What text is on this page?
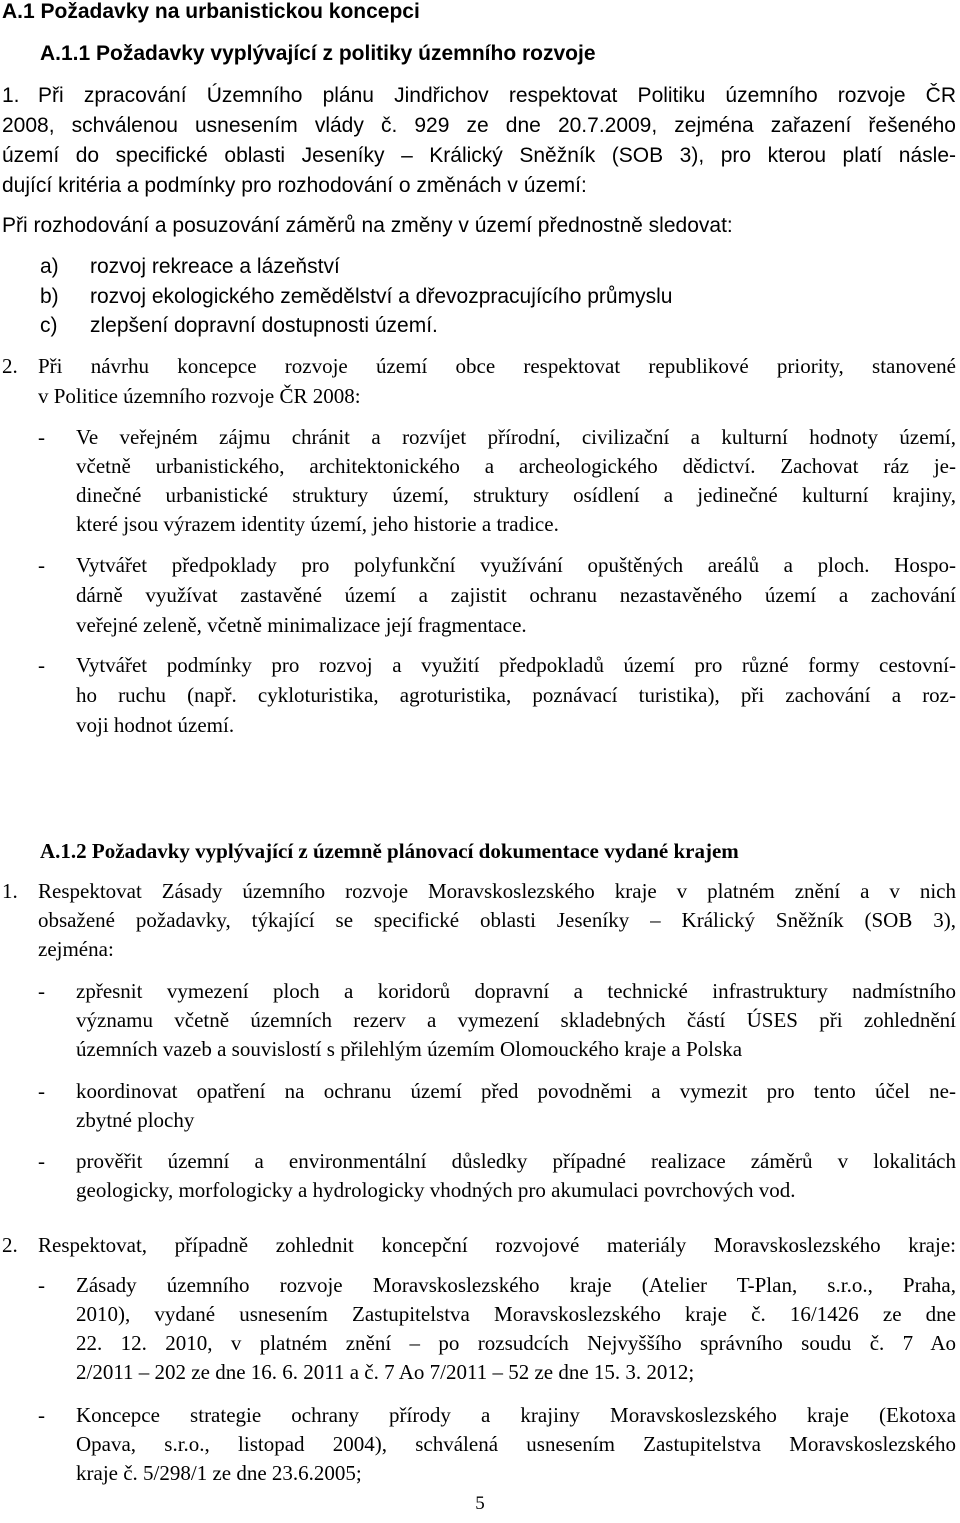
A.1 Požadavky na urbanistickou koncepci
A.1.1 Požadavky vyplývající z politiky územního rozvoje
1. Při zpracování Územního plánu Jindřichov respektovat Politiku územního rozvoje ČR
2008, schválenou usnesením vlády č. 929 ze dne 20.7.2009, zejména zařazení řešeného
území do specifické oblasti Jeseníky – Králický Sněžník (SOB 3), pro kterou platí násle-
dující kritéria a podmínky pro rozhodování o změnách v území:
Při rozhodování a posuzování záměrů na změny v území přednostně sledovat:
a) rozvoj rekreace a lázeňství
b) rozvoj ekologického zemědělství a dřevozpracujícího průmyslu
c) zlepšení dopravní dostupnosti území.
2. Při návrhu koncepce rozvoje území obce respektovat republikové priority, stanovené
v Politice územního rozvoje ČR 2008:
- Ve veřejném zájmu chránit a rozvíjet přírodní, civilizační a kulturní hodnoty území,
včetně urbanistického, architektonického a archeologického dědictví. Zachovat ráz je-
dinečné urbanistické struktury území, struktury osídlení a jedinečné kulturní krajiny,
které jsou výrazem identity území, jeho historie a tradice.
- Vytvářet předpoklady pro polyfunkční využívání opuštěných areálů a ploch. Hospo-
dárně využívat zastavěné území a zajistit ochranu nezastavěného území a zachování
veřejné zeleně, včetně minimalizace její fragmentace.
- Vytvářet podmínky pro rozvoj a využití předpokladů území pro různé formy cestovní-
ho ruchu (např. cykloturistika, agroturistika, poznávací turistika), při zachování a roz-
voji hodnot území.
A.1.2 Požadavky vyplývající z územně plánovací dokumentace vydané krajem
1. Respektovat Zásady územního rozvoje Moravskoslezského kraje v platném znění a v nich
obsažené požadavky, týkající se specifické oblasti Jeseníky – Králický Sněžník (SOB 3),
zejména:
- zpřesnit vymezení ploch a koridorů dopravní a technické infrastruktury nadmístního
významu včetně územních rezerv a vymezení skladebných částí ÚSES při zohlednění
územních vazeb a souvislostí s přilehlým územím Olomouckého kraje a Polska
- koordinovat opatření na ochranu území před povodněmi a vymezit pro tento účel ne-
zbytné plochy
- prověřit územní a environmentální důsledky případné realizace záměrů v lokalitách
geologicky, morfologicky a hydrologicky vhodných pro akumulaci povrchových vod.
2. Respektovat, případně zohlednit koncepční rozvojové materiály Moravskoslezského kraje:
- Zásady územního rozvoje Moravskoslezského kraje (Atelier T-Plan, s.r.o., Praha,
2010), vydané usnesením Zastupitelstva Moravskoslezského kraje č. 16/1426 ze dne
22. 12. 2010, v platném znění – po rozsudcích Nejvyššího správního soudu č. 7 Ao
2/2011 – 202 ze dne 16. 6. 2011 a č. 7 Ao 7/2011 – 52 ze dne 15. 3. 2012;
- Koncepce strategie ochrany přírody a krajiny Moravskoslezského kraje (Ekotoxa
Opava, s.r.o., listopad 2004), schválená usnesením Zastupitelstva Moravskoslezského
kraje č. 5/298/1 ze dne 23.6.2005;
5
